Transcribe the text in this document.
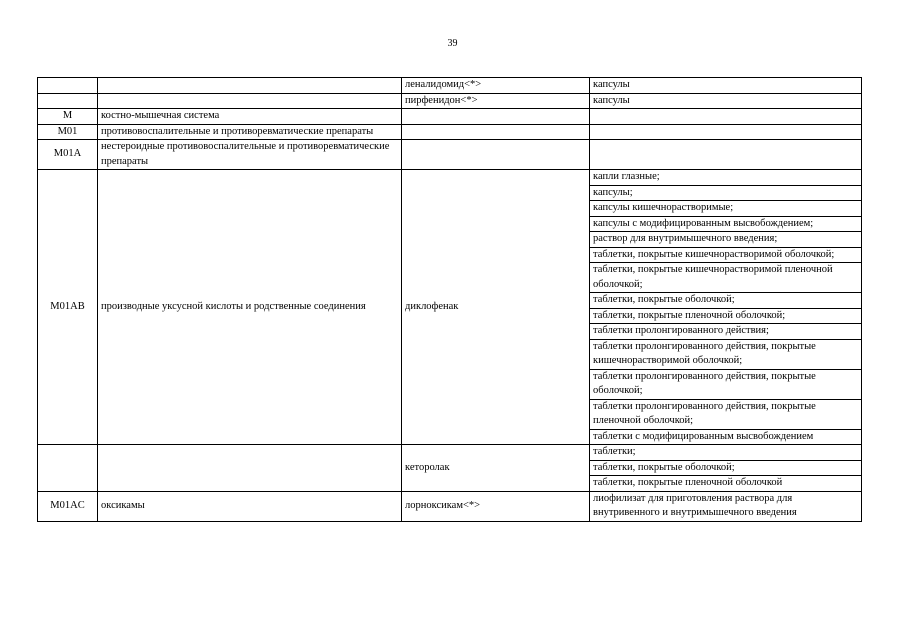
39
		леналидомид<*>	капсулы
		пирфенидон<*>	капсулы
M	костно-мышечная система		
M01	противовоспалительные и противоревматические препараты		
M01A	нестероидные противовоспалительные и противоревматические препараты		
M01AB	производные уксусной кислоты и родственные соединения	диклофенак	капли глазные;
			капсулы;
			капсулы кишечнорастворимые;
			капсулы с модифицированным высвобождением;
			раствор для внутримышечного введения;
			таблетки, покрытые кишечнорастворимой оболочкой;
			таблетки, покрытые кишечнорастворимой пленочной оболочкой;
			таблетки, покрытые оболочкой;
			таблетки, покрытые пленочной оболочкой;
			таблетки пролонгированного действия;
			таблетки пролонгированного действия, покрытые кишечнорастворимой оболочкой;
			таблетки пролонгированного действия, покрытые оболочкой;
			таблетки пролонгированного действия, покрытые пленочной оболочкой;
			таблетки с модифицированным высвобождением
		кеторолак	таблетки;
			таблетки, покрытые оболочкой;
			таблетки, покрытые пленочной оболочкой
M01AC	оксикамы	лорноксикам<*>	лиофилизат для приготовления раствора для внутривенного и внутримышечного введения
